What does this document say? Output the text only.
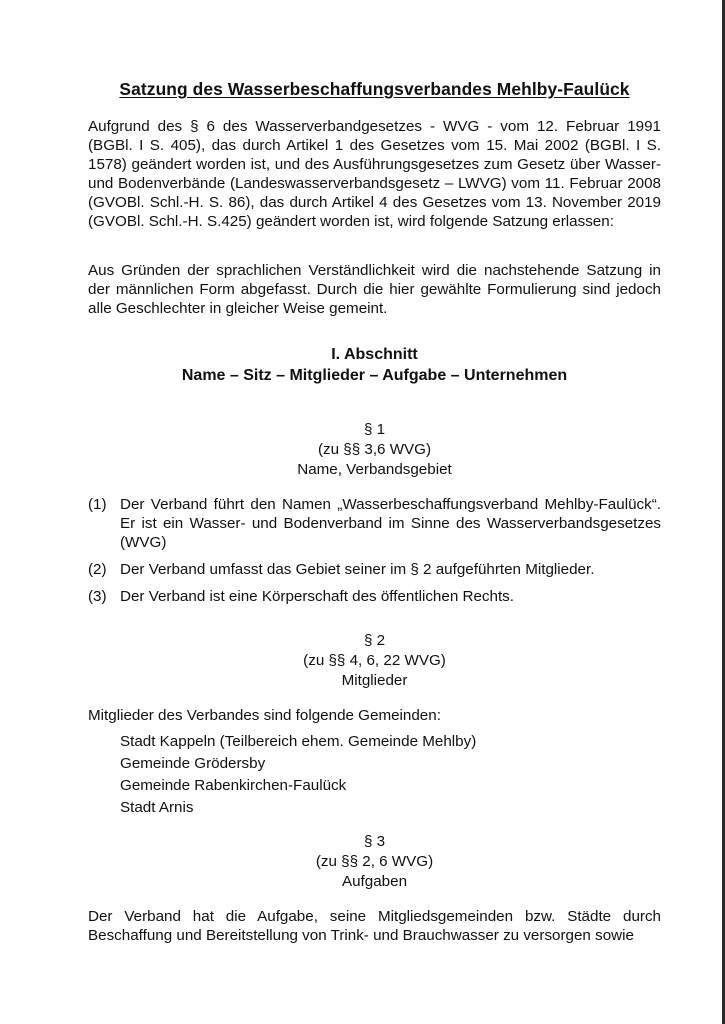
Satzung des Wasserbeschaffungsverbandes Mehlby-Faulück

Aufgrund des § 6 des Wasserverbandgesetzes - WVG - vom 12. Februar 1991 (BGBl. I S. 405), das durch Artikel 1 des Gesetzes vom 15. Mai 2002 (BGBl. I S. 1578) geändert worden ist, und des Ausführungsgesetzes zum Gesetz über Wasser- und Bodenverbände (Landeswasserverbandsgesetz – LWVG) vom 11. Februar 2008 (GVOBl. Schl.-H. S. 86), das durch Artikel 4 des Gesetzes vom 13. November 2019 (GVOBl. Schl.-H. S.425) geändert worden ist, wird folgende Satzung erlassen:

Aus Gründen der sprachlichen Verständlichkeit wird die nachstehende Satzung in der männlichen Form abgefasst. Durch die hier gewählte Formulierung sind jedoch alle Geschlechter in gleicher Weise gemeint.

I. Abschnitt
Name – Sitz – Mitglieder – Aufgabe – Unternehmen
§ 1
(zu §§ 3,6 WVG)
Name, Verbandsgebiet
(1) Der Verband führt den Namen „Wasserbeschaffungsverband Mehlby-Faulück“. Er ist ein Wasser- und Bodenverband im Sinne des Wasserverbandsgesetzes (WVG)
(2) Der Verband umfasst das Gebiet seiner im § 2 aufgeführten Mitglieder.
(3) Der Verband ist eine Körperschaft des öffentlichen Rechts.
§ 2
(zu §§ 4, 6, 22 WVG)
Mitglieder

Mitglieder des Verbandes sind folgende Gemeinden:

Stadt Kappeln (Teilbereich ehem. Gemeinde Mehlby)
Gemeinde Grödersby
Gemeinde Rabenkirchen-Faulück
Stadt Arnis
§ 3
(zu §§ 2, 6 WVG)
Aufgaben

Der Verband hat die Aufgabe, seine Mitgliedsgemeinden bzw. Städte durch Beschaffung und Bereitstellung von Trink- und Brauchwasser zu versorgen sowie
